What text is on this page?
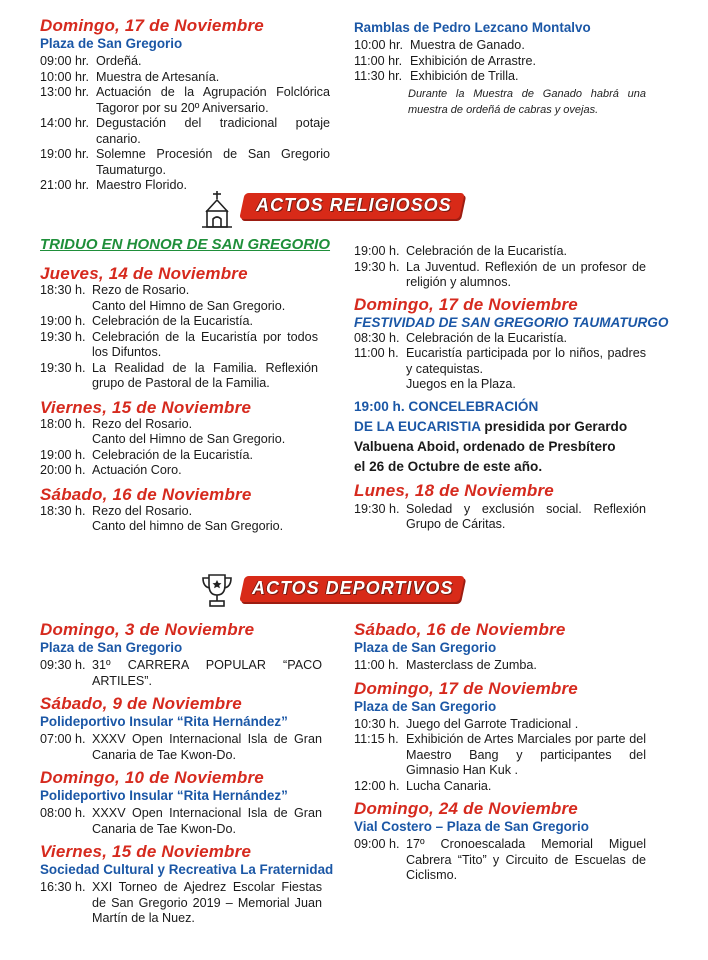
Domingo, 17 de Noviembre
Plaza de San Gregorio
09:00 hr. Ordeñá.
10:00 hr. Muestra de Artesanía.
13:00 hr. Actuación de la Agrupación Folclórica Tagoror por su 20º Aniversario.
14:00 hr. Degustación del tradicional potaje canario.
19:00 hr. Solemne Procesión de San Gregorio Taumaturgo.
21:00 hr. Maestro Florido.
Ramblas de Pedro Lezcano Montalvo
10:00 hr. Muestra de Ganado.
11:00 hr. Exhibición de Arrastre.
11:30 hr. Exhibición de Trilla.
Durante la Muestra de Ganado habrá una muestra de ordeñá de cabras y ovejas.
ACTOS RELIGIOSOS
TRIDUO EN HONOR DE SAN GREGORIO
Jueves, 14 de Noviembre
18:30 h. Rezo de Rosario.
Canto del Himno de San Gregorio.
19:00 h. Celebración de la Eucaristía.
19:30 h. Celebración de la Eucaristía por todos los Difuntos.
19:30 h. La Realidad de la Familia. Reflexión grupo de Pastoral de la Familia.
Viernes, 15 de Noviembre
18:00 h. Rezo del Rosario.
Canto del Himno de San Gregorio.
19:00 h. Celebración de la Eucaristía.
20:00 h. Actuación Coro.
Sábado, 16 de Noviembre
18:30 h. Rezo del Rosario.
Canto del himno de San Gregorio.
19:00 h. Celebración de la Eucaristía.
19:30 h. La Juventud. Reflexión de un profesor de religión y alumnos.
Domingo, 17 de Noviembre
FESTIVIDAD DE SAN GREGORIO TAUMATURGO
08:30 h. Celebración de la Eucaristía.
11:00 h. Eucaristía participada por lo niños, padres y catequistas.
Juegos en la Plaza.
19:00 h. CONCELEBRACIÓN
DE LA EUCARISTIA presidida por Gerardo
Valbuena Aboid, ordenado de Presbítero
el 26 de Octubre de este año.
Lunes, 18 de Noviembre
19:30 h. Soledad y exclusión social. Reflexión Grupo de Cáritas.
ACTOS DEPORTIVOS
Domingo, 3 de Noviembre
Plaza de San Gregorio
09:30 h. 31º CARRERA POPULAR “PACO ARTILES”.
Sábado, 9 de Noviembre
Polideportivo Insular “Rita Hernández”
07:00 h. XXXV Open Internacional Isla de Gran Canaria de Tae Kwon-Do.
Domingo, 10 de Noviembre
Polideportivo Insular “Rita Hernández”
08:00 h. XXXV Open Internacional Isla de Gran Canaria de Tae Kwon-Do.
Viernes, 15 de Noviembre
Sociedad Cultural y Recreativa La Fraternidad
16:30 h. XXI Torneo de Ajedrez Escolar Fiestas de San Gregorio 2019 – Memorial Juan Martín de la Nuez.
Sábado, 16 de Noviembre
Plaza de San Gregorio
11:00 h. Masterclass de Zumba.
Domingo, 17 de Noviembre
Plaza de San Gregorio
10:30 h. Juego del Garrote Tradicional .
11:15 h. Exhibición de Artes Marciales por parte del Maestro Bang y participantes del Gimnasio Han Kuk .
12:00 h. Lucha Canaria.
Domingo, 24 de Noviembre
Vial Costero – Plaza de San Gregorio
09:00 h. 17º Cronoescalada Memorial Miguel Cabrera “Tito” y Circuito de Escuelas de Ciclismo.
